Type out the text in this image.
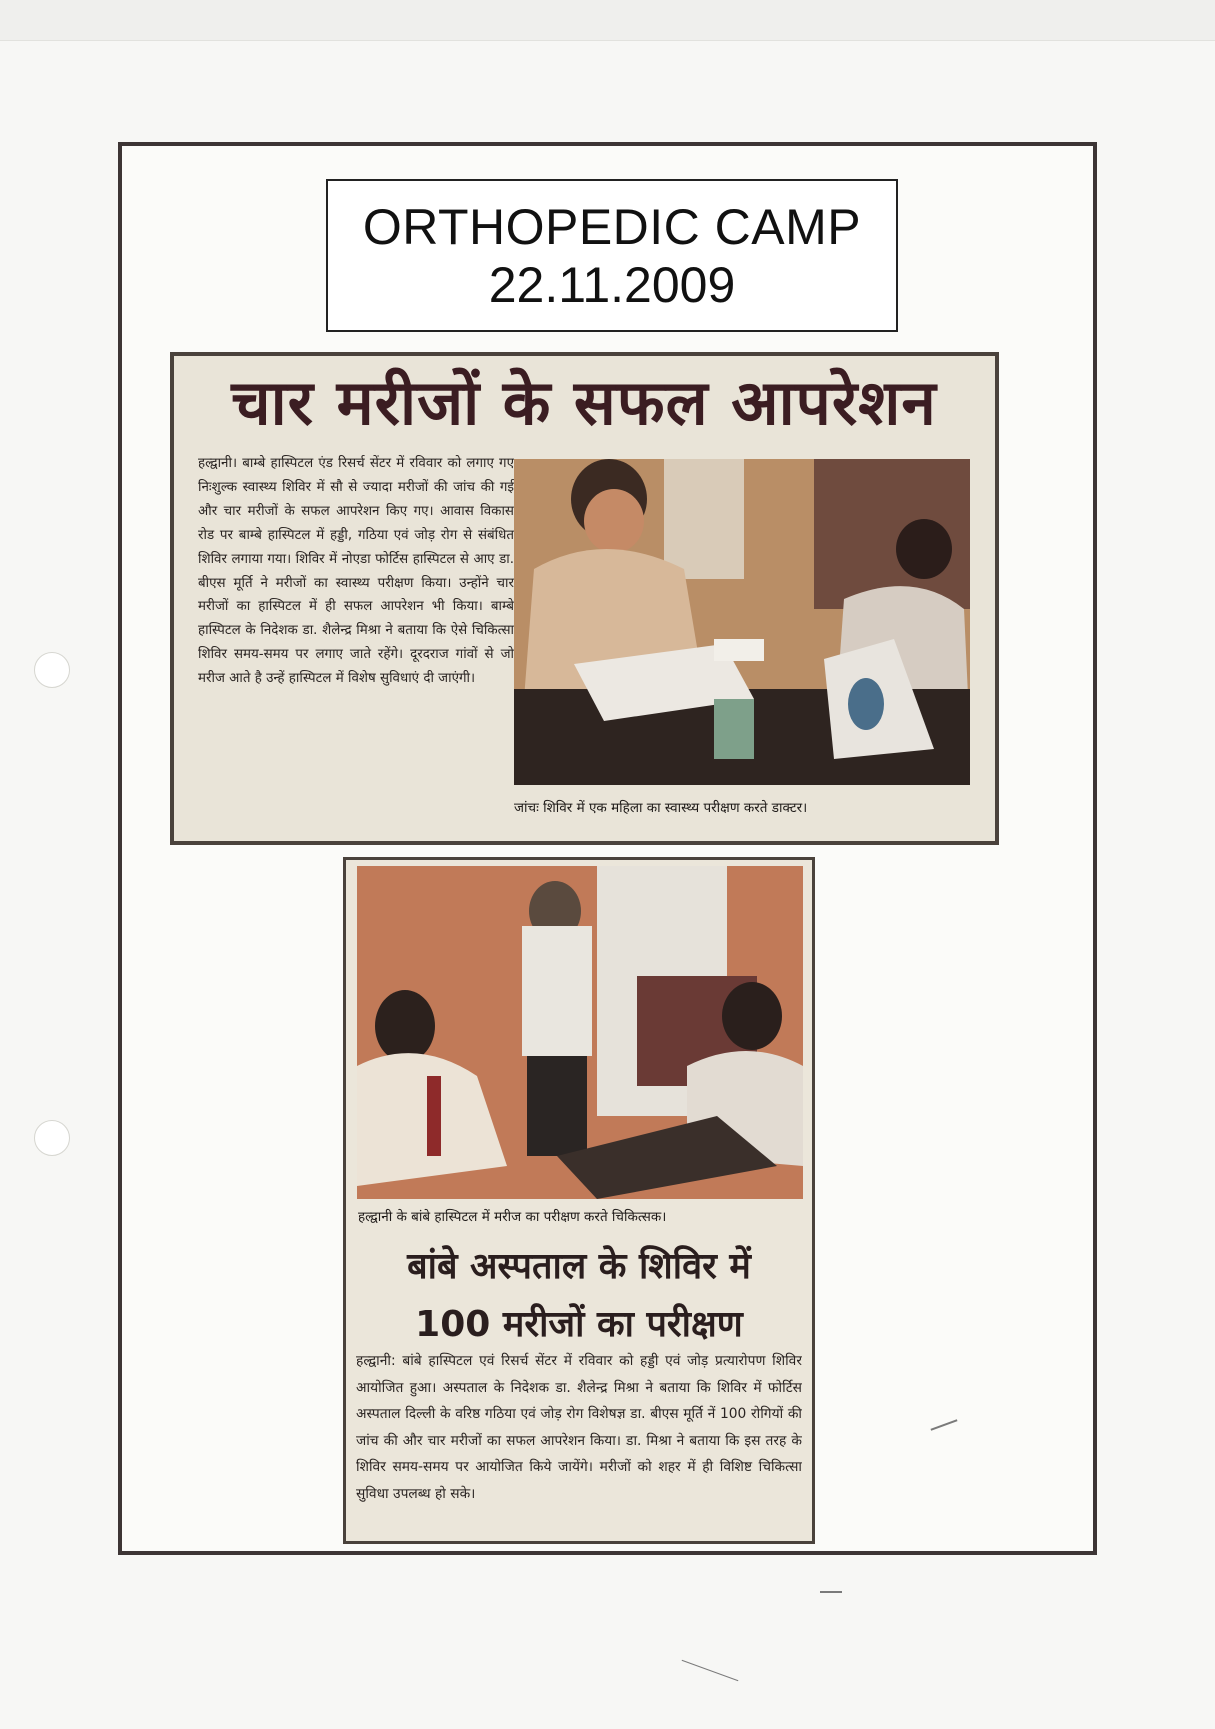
ORTHOPEDIC CAMP
22.11.2009
चार मरीजों के सफल आपरेशन
हल्द्वानी। बाम्बे हास्पिटल एंड रिसर्च सेंटर में रविवार को लगाए गए निःशुल्क स्वास्थ्य शिविर में सौ से ज्यादा मरीजों की जांच की गई और चार मरीजों के सफल आपरेशन किए गए। आवास विकास रोड पर बाम्बे हास्पिटल में हड्डी, गठिया एवं जोड़ रोग से संबंधित शिविर लगाया गया। शिविर में नोएडा फोर्टिस हास्पिटल से आए डा. बीएस मूर्ति ने मरीजों का स्वास्थ्य परीक्षण किया। उन्होंने चार मरीजों का हास्पिटल में ही सफल आपरेशन भी किया। बाम्बे हास्पिटल के निदेशक डा. शैलेन्द्र मिश्रा ने बताया कि ऐसे चिकित्सा शिविर समय-समय पर लगाए जाते रहेंगे। दूरदराज गांवों से जो मरीज आते है उन्हें हास्पिटल में विशेष सुविधाएं दी जाएंगी।
जांचः शिविर में एक महिला का स्वास्थ्य परीक्षण करते डाक्टर।
हल्द्वानी के बांबे हास्पिटल में मरीज का परीक्षण करते चिकित्सक।
बांबे अस्पताल के शिविर में
100 मरीजों का परीक्षण
हल्द्वानी: बांबे हास्पिटल एवं रिसर्च सेंटर में रविवार को हड्डी एवं जोड़ प्रत्यारोपण शिविर आयोजित हुआ। अस्पताल के निदेशक डा. शैलेन्द्र मिश्रा ने बताया कि शिविर में फोर्टिस अस्पताल दिल्ली के वरिष्ठ गठिया एवं जोड़ रोग विशेषज्ञ डा. बीएस मूर्ति नें 100 रोगियों की जांच की और चार मरीजों का सफल आपरेशन किया। डा. मिश्रा ने बताया कि इस तरह के शिविर समय-समय पर आयोजित किये जायेंगे। मरीजों को शहर में ही विशिष्ट चिकित्सा सुविधा उपलब्ध हो सके।
